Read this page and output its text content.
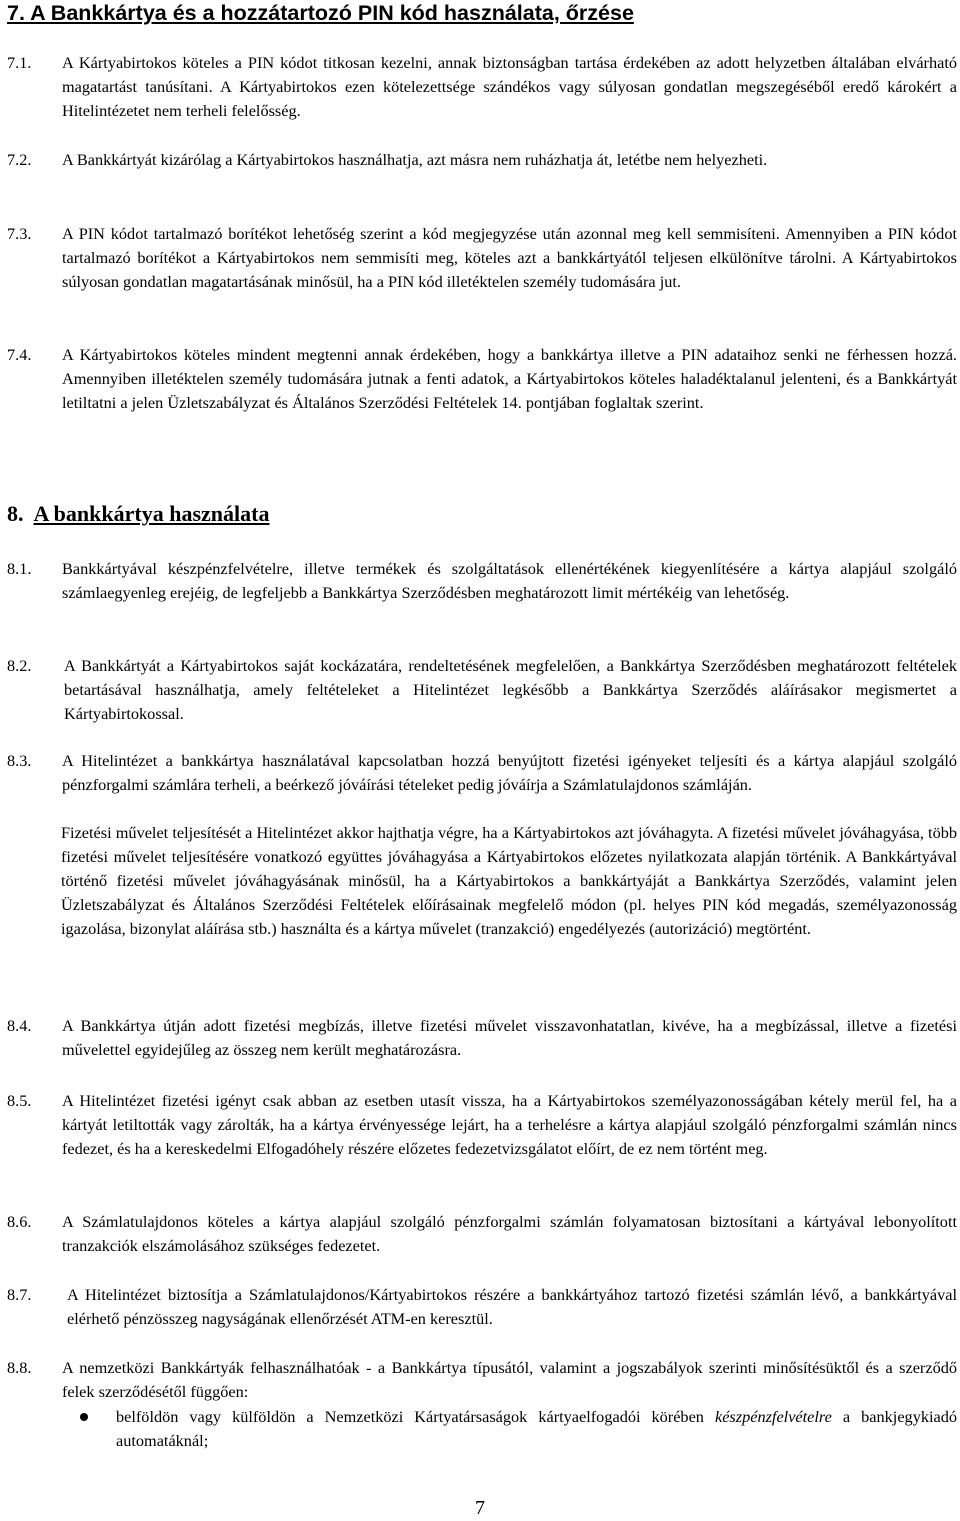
7. A Bankkártya és a hozzátartozó PIN kód használata, őrzése
7.1. A Kártyabirtokos köteles a PIN kódot titkosan kezelni, annak biztonságban tartása érdekében az adott helyzetben általában elvárható magatartást tanúsítani. A Kártyabirtokos ezen kötelezettsége szándékos vagy súlyosan gondatlan megszegéséből eredő károkért a Hitelintézetet nem terheli felelősség.

7.2. A Bankkártyát kizárólag a Kártyabirtokos használhatja, azt másra nem ruházhatja át, letétbe nem helyezheti.

7.3. A PIN kódot tartalmazó borítékot lehetőség szerint a kód megjegyzése után azonnal meg kell semmisíteni. Amennyiben a PIN kódot tartalmazó borítékot a Kártyabirtokos nem semmisíti meg, köteles azt a bankkártyától teljesen elkülönítve tárolni. A Kártyabirtokos súlyosan gondatlan magatartásának minősül, ha a PIN kód illetéktelen személy tudomására jut.

7.4. A Kártyabirtokos köteles mindent megtenni annak érdekében, hogy a bankkártya illetve a PIN adataihoz senki ne férhessen hozzá. Amennyiben illetéktelen személy tudomására jutnak a fenti adatok, a Kártyabirtokos köteles haladéktalanul jelenteni, és a Bankkártyát letiltatni a jelen Üzletszabályzat és Általános Szerződési Feltételek 14. pontjában foglaltak szerint.

8. A bankkártya használata
8.1. Bankkártyával készpénzfelvételre, illetve termékek és szolgáltatások ellenértékének kiegyenlítésére a kártya alapjául szolgáló számlaegyenleg erejéig, de legfeljebb a Bankkártya Szerződésben meghatározott limit mértékéig van lehetőség.

8.2. A Bankkártyát a Kártyabirtokos saját kockázatára, rendeltetésének megfelelően, a Bankkártya Szerződésben meghatározott feltételek betartásával használhatja, amely feltételeket a Hitelintézet legkésőbb a Bankkártya Szerződés aláírásakor megismertet a Kártyabirtokossal.

8.3. A Hitelintézet a bankkártya használatával kapcsolatban hozzá benyújtott fizetési igényeket teljesíti és a kártya alapjául szolgáló pénzforgalmi számlára terheli, a beérkező jóváírási tételeket pedig jóváírja a Számlatulajdonos számláján.

Fizetési művelet teljesítését a Hitelintézet akkor hajthatja végre, ha a Kártyabirtokos azt jóváhagyta. A fizetési művelet jóváhagyása, több fizetési művelet teljesítésére vonatkozó együttes jóváhagyása a Kártyabirtokos előzetes nyilatkozata alapján történik. A Bankkártyával történő fizetési művelet jóváhagyásának minősül, ha a Kártyabirtokos a bankkártyáját a Bankkártya Szerződés, valamint jelen Üzletszabályzat és Általános Szerződési Feltételek előírásainak megfelelő módon (pl. helyes PIN kód megadás, személyazonosság igazolása, bizonylat aláírása stb.) használta és a kártya művelet (tranzakció) engedélyezés (autorizáció) megtörtént.

8.4. A Bankkártya útján adott fizetési megbízás, illetve fizetési művelet visszavonhatatlan, kivéve, ha a megbízással, illetve a fizetési művelettel egyidejűleg az összeg nem került meghatározásra.

8.5. A Hitelintézet fizetési igényt csak abban az esetben utasít vissza, ha a Kártyabirtokos személyazonosságában kétely merül fel, ha a kártyát letiltották vagy zárolták, ha a kártya érvényessége lejárt, ha a terhelésre a kártya alapjául szolgáló pénzforgalmi számlán nincs fedezet, és ha a kereskedelmi Elfogadóhely részére előzetes fedezetvizsgálatot előírt, de ez nem történt meg.

8.6. A Számlatulajdonos köteles a kártya alapjául szolgáló pénzforgalmi számlán folyamatosan biztosítani a kártyával lebonyolított tranzakciók elszámolásához szükséges fedezetet.

8.7. A Hitelintézet biztosítja a Számlatulajdonos/Kártyabirtokos részére a bankkártyához tartozó fizetési számlán lévő, a bankkártyával elérhető pénzösszeg nagyságának ellenőrzését ATM-en keresztül.

8.8. A nemzetközi Bankkártyák felhasználhatóak - a Bankkártya típusától, valamint a jogszabályok szerinti minősítésüktől és a szerződő felek szerződésétől függően:

belföldön vagy külföldön a Nemzetközi Kártyatársaságok kártyaelfogadói körében készpénzfelvételre a bankjegykiadó automatáknál;
7
